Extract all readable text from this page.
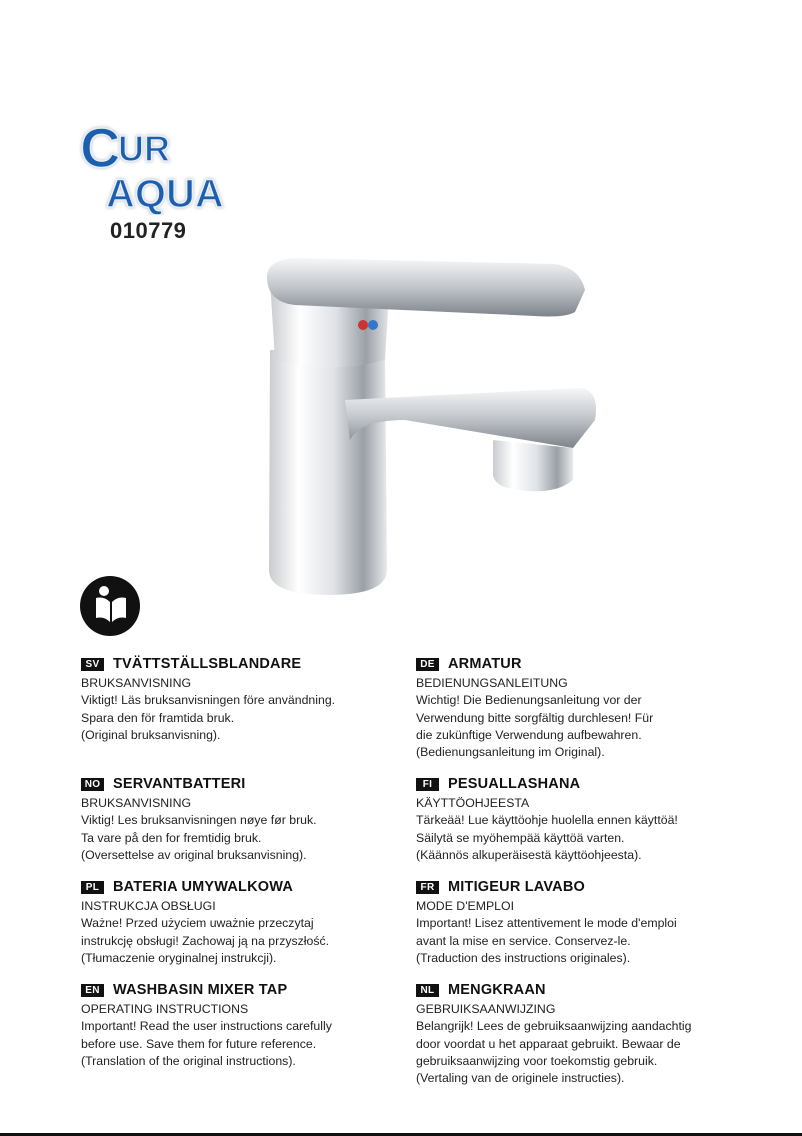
C
UR
AQUA
010779
SV TVÄTTSTÄLLSBLANDARE
BRUKSANVISNING
Viktigt! Läs bruksanvisningen före användning.
Spara den för framtida bruk.
(Original bruksanvisning).
NO SERVANTBATTERI
BRUKSANVISNING
Viktig! Les bruksanvisningen nøye før bruk.
Ta vare på den for fremtidig bruk.
(Oversettelse av original bruksanvisning).
PL BATERIA UMYWALKOWA
INSTRUKCJA OBSŁUGI
Ważne! Przed użyciem uważnie przeczytaj
instrukcję obsługi! Zachowaj ją na przyszłość.
(Tłumaczenie oryginalnej instrukcji).
EN WASHBASIN MIXER TAP
OPERATING INSTRUCTIONS
Important! Read the user instructions carefully
before use. Save them for future reference.
(Translation of the original instructions).
DE ARMATUR
BEDIENUNGSANLEITUNG
Wichtig! Die Bedienungsanleitung vor der
Verwendung bitte sorgfältig durchlesen! Für
die zukünftige Verwendung aufbewahren.
(Bedienungsanleitung im Original).
FI	PESUALLASHANA
KÄYTTÖOHJEESTA
Tärkeää! Lue käyttöohje huolella ennen käyttöä!
Säilytä se myöhempää käyttöä varten.
(Käännös alkuperäisestä käyttöohjeesta).
FR MITIGEUR LAVABO
MODE D'EMPLOI
Important! Lisez attentivement le mode d'emploi
avant la mise en service. Conservez-le.
(Traduction des instructions originales).
NL MENGKRAAN
GEBRUIKSAANWIJZING
Belangrijk! Lees de gebruiksaanwijzing aandachtig
door voordat u het apparaat gebruikt. Bewaar de
gebruiksaanwijzing voor toekomstig gebruik.
(Vertaling van de originele instructies).
